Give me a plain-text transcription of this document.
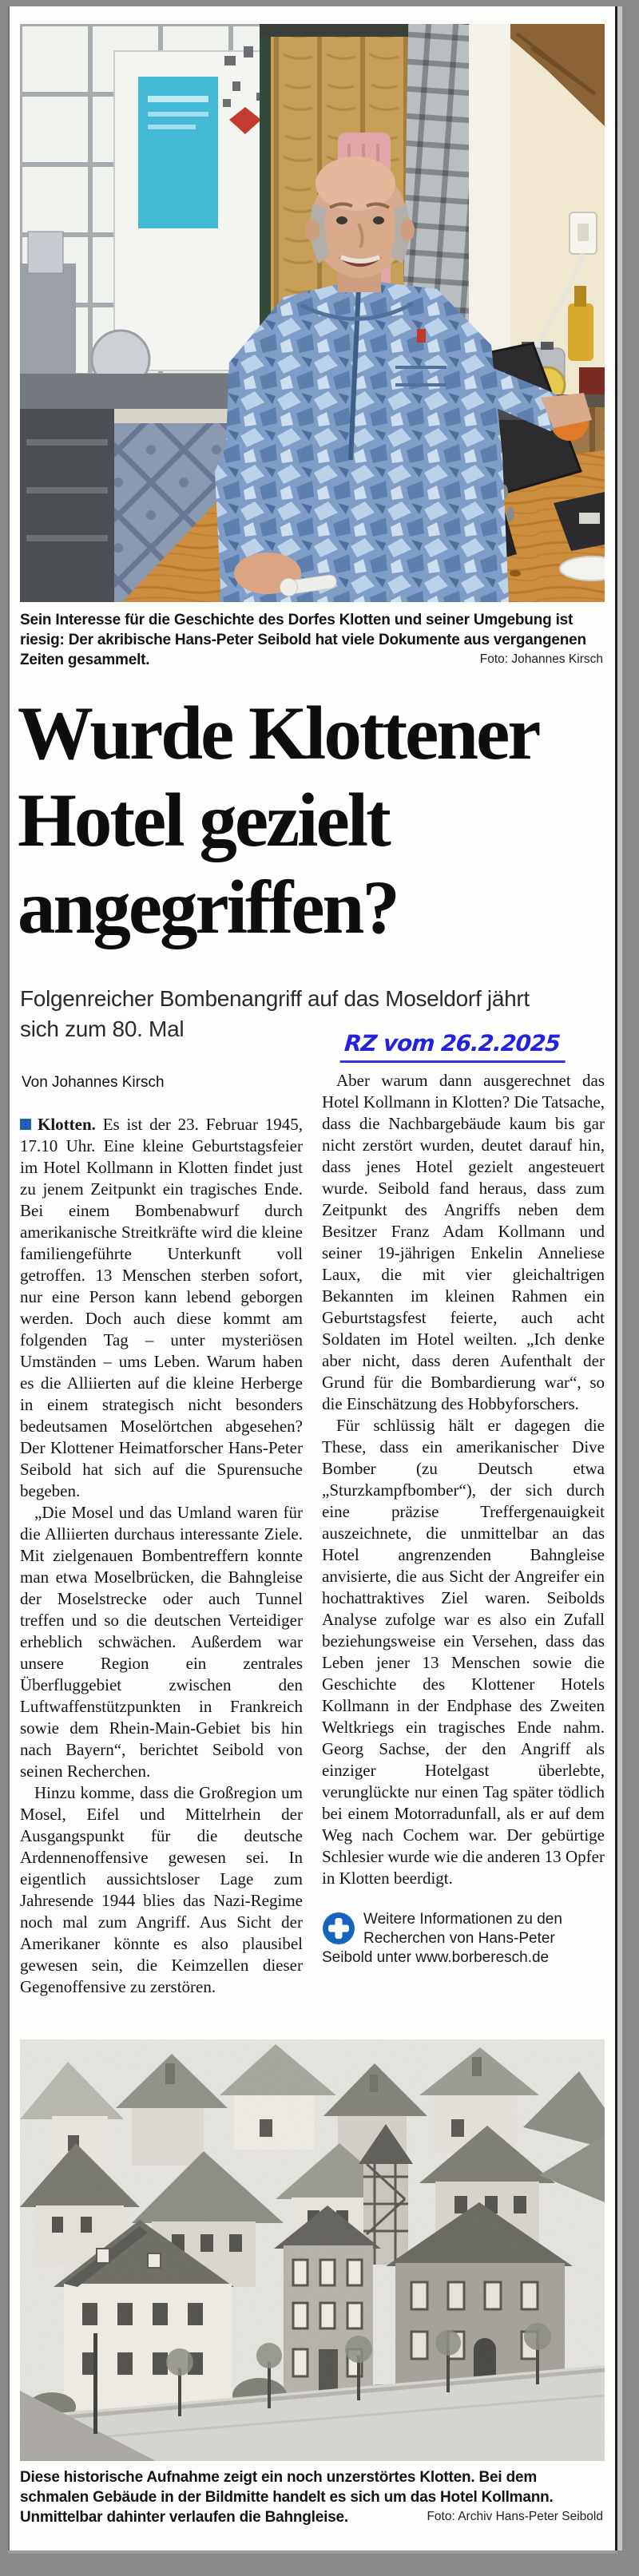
Sein Interesse für die Geschichte des Dorfes Klotten und seiner Umgebung ist riesig: Der akribische Hans-Peter Seibold hat viele Dokumente aus vergangenen Zeiten gesammelt.	Foto: Johannes Kirsch
Wurde Klottener
Hotel gezielt
angegriffen?
Folgenreicher Bombenangriff auf das Moseldorf jährt sich zum 80. Mal
RZ vom 26.2.2025
Von Johannes Kirsch

Klotten. Es ist der 23. Februar 1945, 17.10 Uhr. Eine kleine Geburtstagsfeier im Hotel Kollmann in Klotten findet just zu jenem Zeitpunkt ein tragisches Ende. Bei einem Bombenabwurf durch amerikanische Streitkräfte wird die kleine familiengeführte Unterkunft voll getroffen. 13 Menschen sterben sofort, nur eine Person kann lebend geborgen werden. Doch auch diese kommt am folgenden Tag – unter mysteriösen Umständen – ums Leben. Warum haben es die Alliierten auf die kleine Herberge in einem strategisch nicht besonders bedeutsamen Moselörtchen abgesehen? Der Klottener Heimatforscher Hans-Peter Seibold hat sich auf die Spurensuche begeben.

„Die Mosel und das Umland waren für die Alliierten durchaus interessante Ziele. Mit zielgenauen Bombentreffern konnte man etwa Moselbrücken, die Bahngleise der Moselstrecke oder auch Tunnel treffen und so die deutschen Verteidiger erheblich schwächen. Außerdem war unsere Region ein zentrales Überfluggebiet zwischen den Luftwaffenstützpunkten in Frankreich sowie dem Rhein-Main-Gebiet bis hin nach Bayern“, berichtet Seibold von seinen Recherchen.

Hinzu komme, dass die Großregion um Mosel, Eifel und Mittelrhein der Ausgangspunkt für die deutsche Ardennenoffensive gewesen sei. In eigentlich aussichtsloser Lage zum Jahresende 1944 blies das Nazi-Regime noch mal zum Angriff. Aus Sicht der Amerikaner könnte es also plausibel gewesen sein, die Keimzellen dieser Gegenoffensive zu zerstören.

Aber warum dann ausgerechnet das Hotel Kollmann in Klotten? Die Tatsache, dass die Nachbargebäude kaum bis gar nicht zerstört wurden, deutet darauf hin, dass jenes Hotel gezielt angesteuert wurde. Seibold fand heraus, dass zum Zeitpunkt des Angriffs neben dem Besitzer Franz Adam Kollmann und seiner 19-jährigen Enkelin Anneliese Laux, die mit vier gleichaltrigen Bekannten im kleinen Rahmen ein Geburtstagsfest feierte, auch acht Soldaten im Hotel weilten. „Ich denke aber nicht, dass deren Aufenthalt der Grund für die Bombardierung war“, so die Einschätzung des Hobbyforschers.

Für schlüssig hält er dagegen die These, dass ein amerikanischer Dive Bomber (zu Deutsch etwa „Sturzkampfbomber“), der sich durch eine präzise Treffergenauigkeit auszeichnete, die unmittelbar an das Hotel angrenzenden Bahngleise anvisierte, die aus Sicht der Angreifer ein hochattraktives Ziel waren. Seibolds Analyse zufolge war es also ein Zufall beziehungsweise ein Versehen, dass das Leben jener 13 Menschen sowie die Geschichte des Klottener Hotels Kollmann in der Endphase des Zweiten Weltkriegs ein tragisches Ende nahm. Georg Sachse, der den Angriff als einziger Hotelgast überlebte, verunglückte nur einen Tag später tödlich bei einem Motorradunfall, als er auf dem Weg nach Cochem war. Der gebürtige Schlesier wurde wie die anderen 13 Opfer in Klotten beerdigt.

Weitere Informationen zu den Recherchen von Hans-Peter Seibold unter www.borberesch.de
Diese historische Aufnahme zeigt ein noch unzerstörtes Klotten. Bei dem schmalen Gebäude in der Bildmitte handelt es sich um das Hotel Kollmann. Unmittelbar dahinter verlaufen die Bahngleise.	Foto: Archiv Hans-Peter Seibold
